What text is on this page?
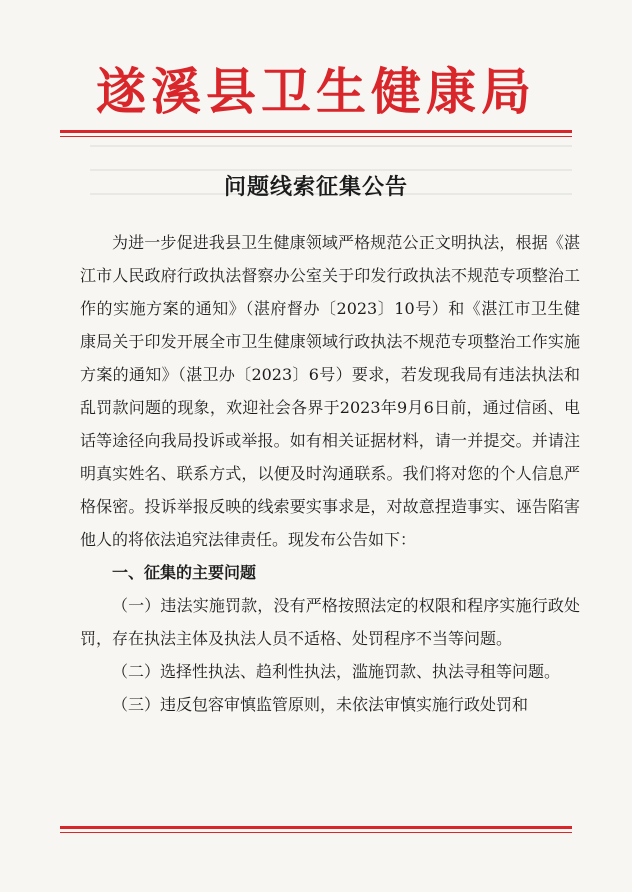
遂溪县卫生健康局
问题线索征集公告

为进一步促进我县卫生健康领域严格规范公正文明执法，根据《湛江市人民政府行政执法督察办公室关于印发行政执法不规范专项整治工作的实施方案的通知》（湛府督办〔2023〕10号）和《湛江市卫生健康局关于印发开展全市卫生健康领域行政执法不规范专项整治工作实施方案的通知》（湛卫办〔2023〕6号）要求，若发现我局有违法执法和乱罚款问题的现象，欢迎社会各界于2023年9月6日前，通过信函、电话等途径向我局投诉或举报。如有相关证据材料，请一并提交。并请注明真实姓名、联系方式，以便及时沟通联系。我们将对您的个人信息严格保密。投诉举报反映的线索要实事求是，对故意捏造事实、诬告陷害他人的将依法追究法律责任。现发布公告如下：

一、征集的主要问题

（一）违法实施罚款，没有严格按照法定的权限和程序实施行政处罚，存在执法主体及执法人员不适格、处罚程序不当等问题。

（二）选择性执法、趋利性执法，滥施罚款、执法寻租等问题。

（三）违反包容审慎监管原则，未依法审慎实施行政处罚和
